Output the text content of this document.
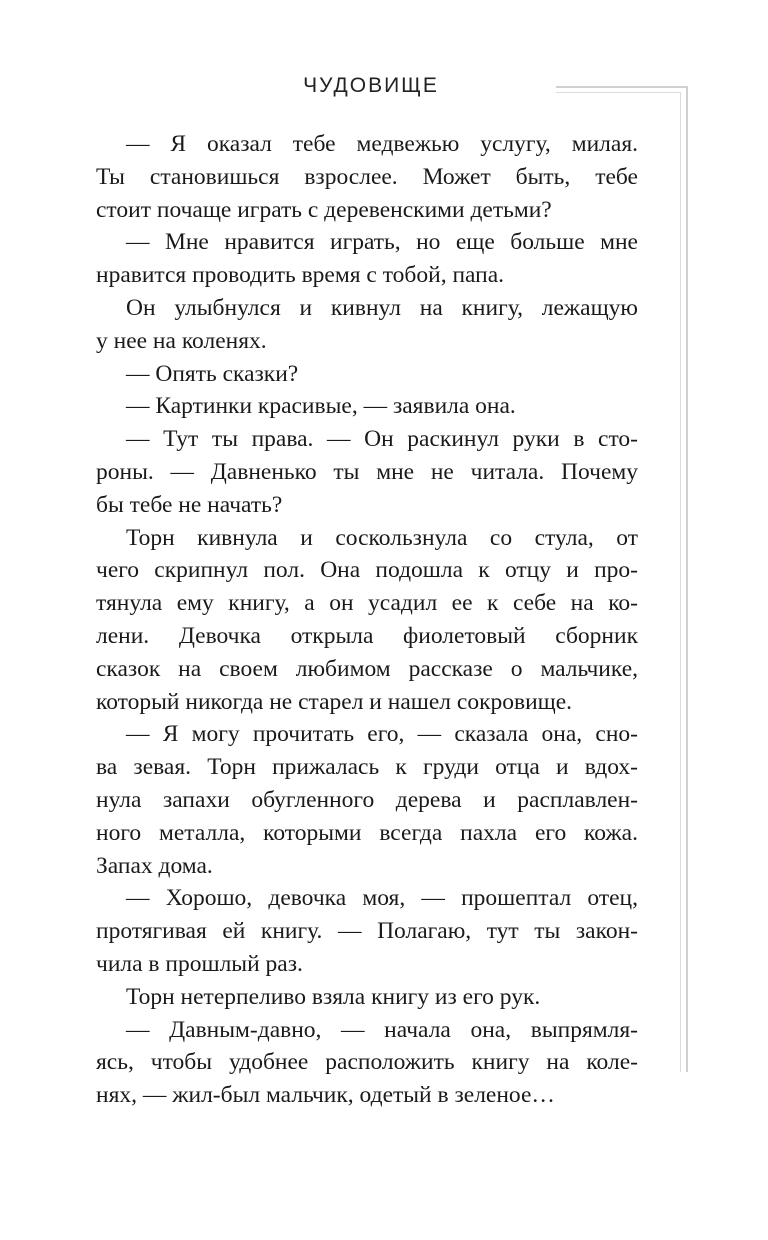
ЧУДОВИЩЕ
— Я оказал тебе медвежью услугу, милая.
Ты становишься взрослее. Может быть, тебе
стоит почаще играть с деревенскими детьми?
— Мне нравится играть, но еще больше мне
нравится проводить время с тобой, папа.
Он улыбнулся и кивнул на книгу, лежащую
у нее на коленях.
— Опять сказки?
— Картинки красивые, — заявила она.
— Тут ты права. — Он раскинул руки в сто-
роны. — Давненько ты мне не читала. Почему
бы тебе не начать?
Торн кивнула и соскользнула со стула, от
чего скрипнул пол. Она подошла к отцу и про-
тянула ему книгу, а он усадил ее к себе на ко-
лени. Девочка открыла фиолетовый сборник
сказок на своем любимом рассказе о мальчике,
который никогда не старел и нашел сокровище.
— Я могу прочитать его, — сказала она, сно-
ва зевая. Торн прижалась к груди отца и вдох-
нула запахи обугленного дерева и расплавлен-
ного металла, которыми всегда пахла его кожа.
Запах дома.
— Хорошо, девочка моя, — прошептал отец,
протягивая ей книгу. — Полагаю, тут ты закон-
чила в прошлый раз.
Торн нетерпеливо взяла книгу из его рук.
— Давным-давно, — начала она, выпрямля-
ясь, чтобы удобнее расположить книгу на коле-
нях, — жил-был мальчик, одетый в зеленое…
